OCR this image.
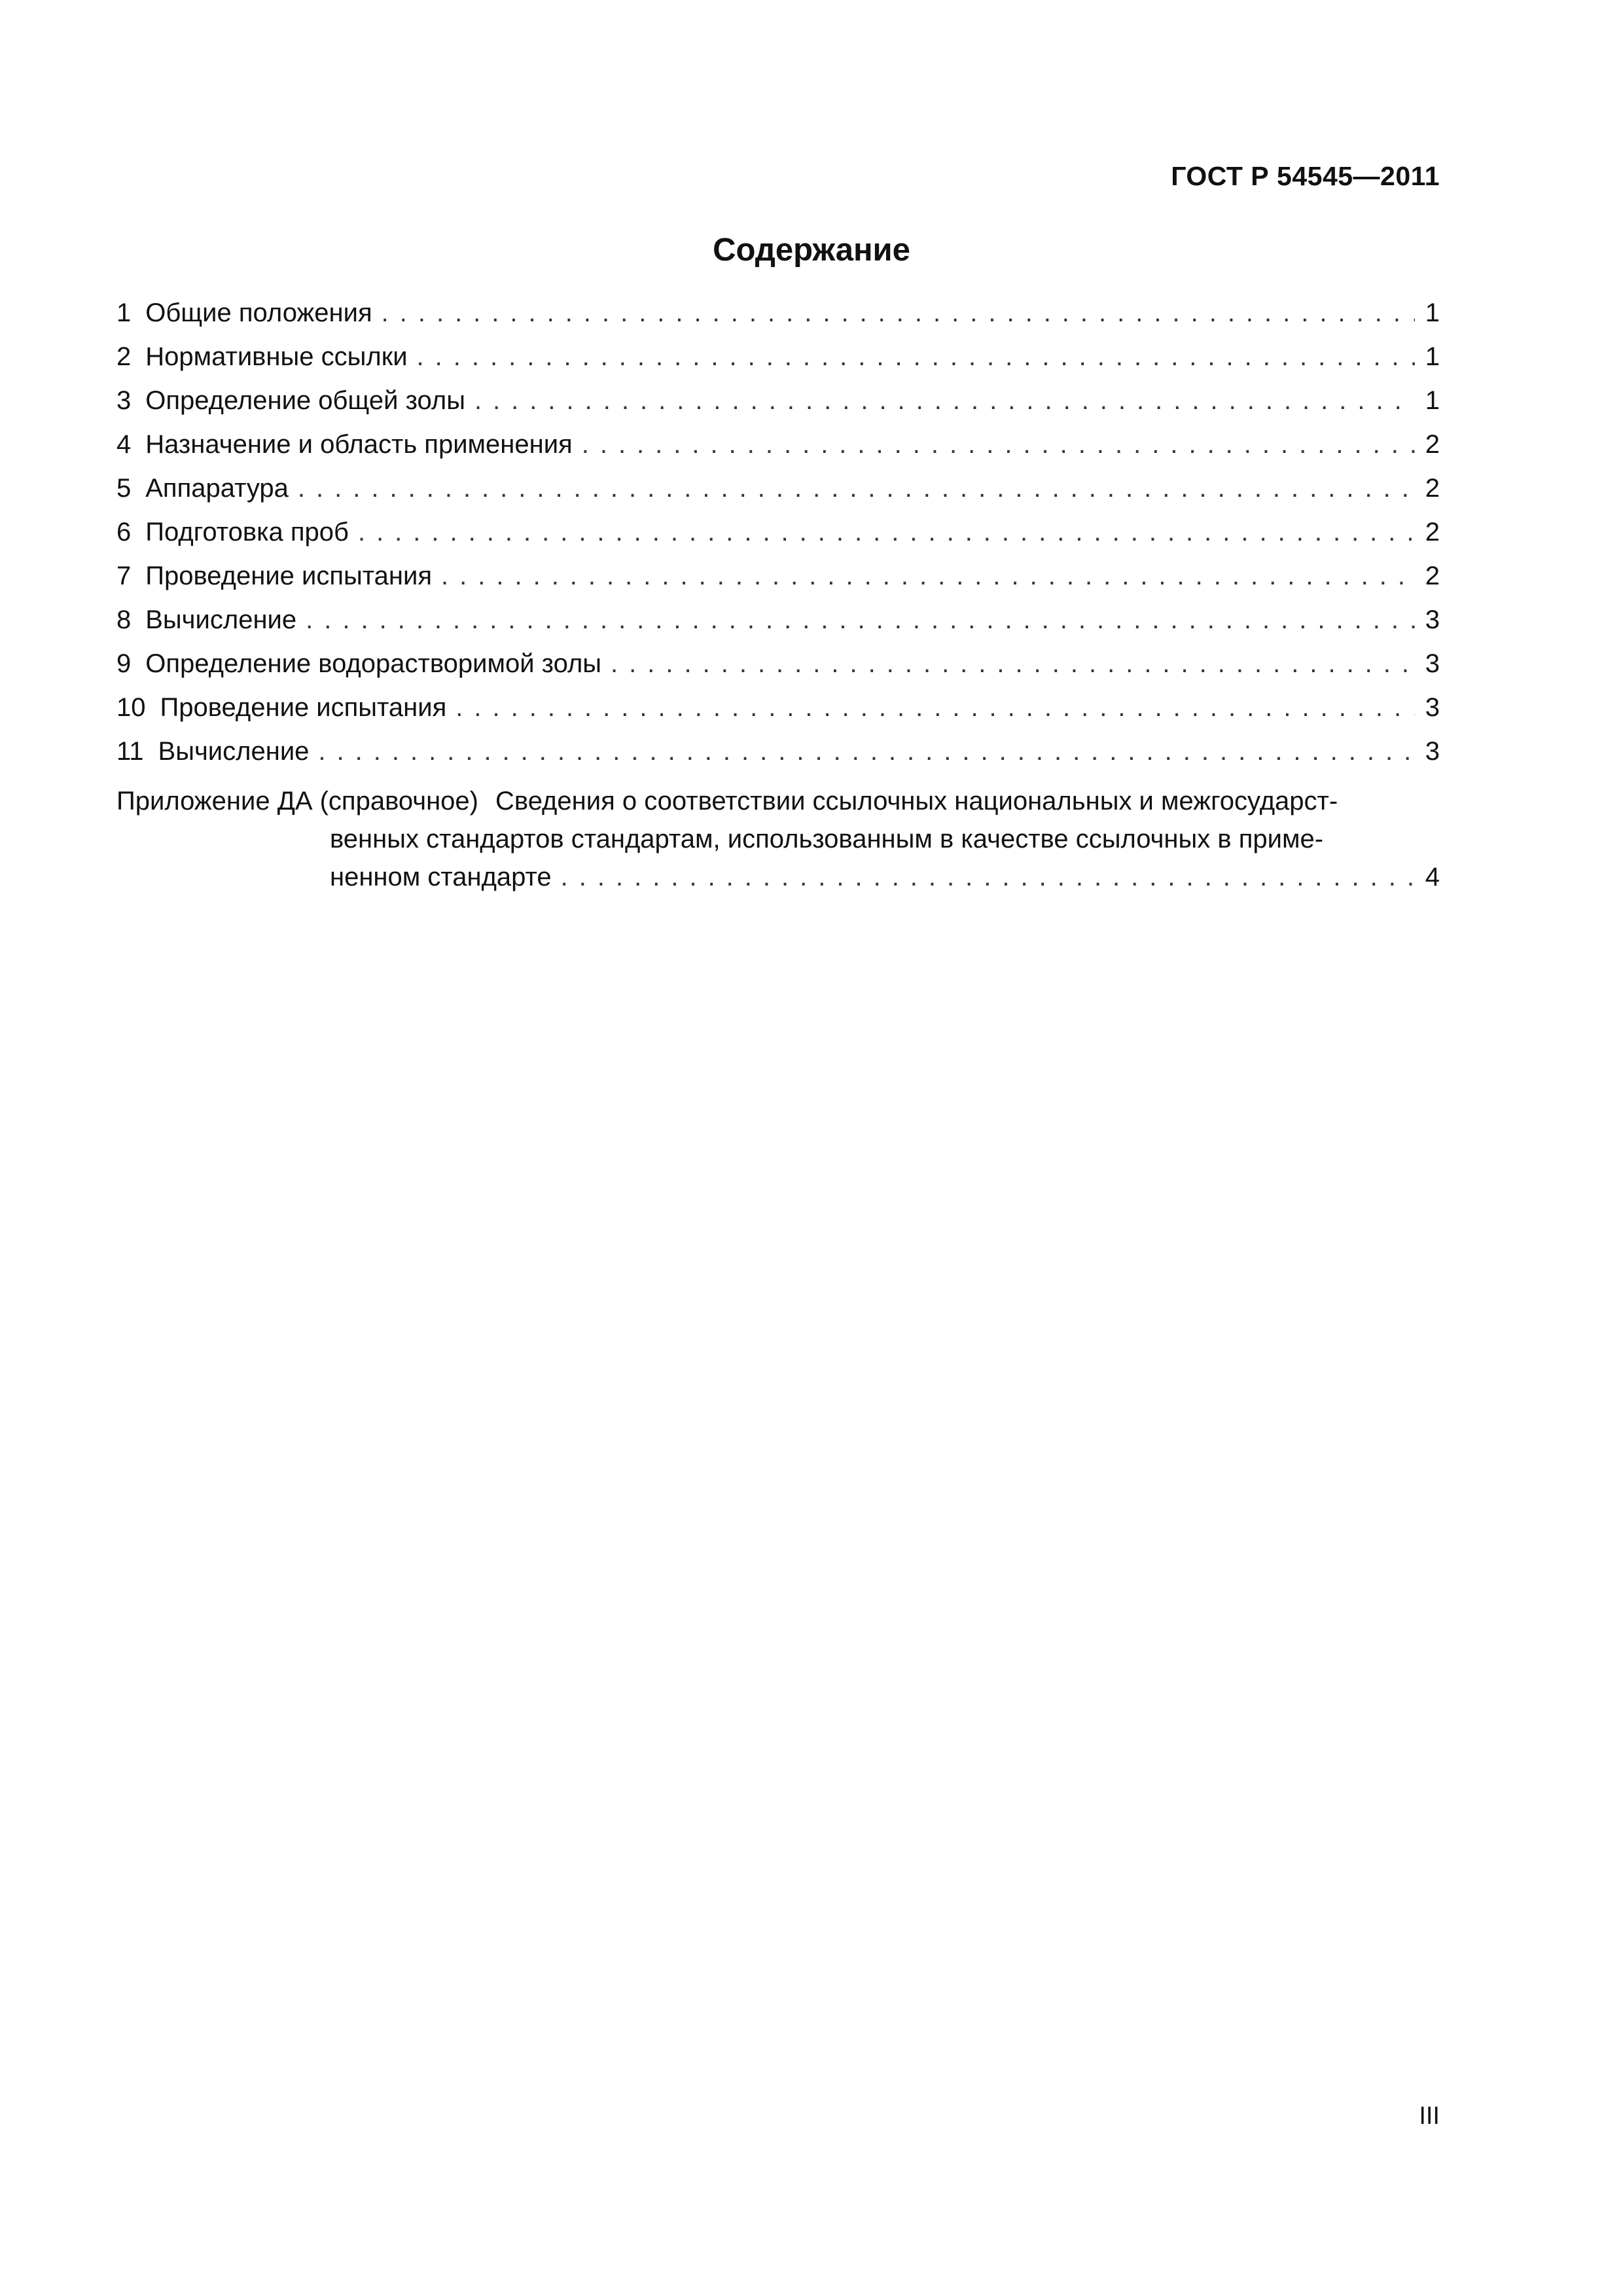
ГОСТ Р 54545—2011
Содержание
1 Общие положения .....	1
2 Нормативные ссылки .....	1
3 Определение общей золы .....	1
4 Назначение и область применения .....	2
5 Аппаратура .....	2
6 Подготовка проб .....	2
7 Проведение испытания .....	2
8 Вычисление .....	3
9 Определение водорастворимой золы .....	3
10 Проведение испытания .....	3
11 Вычисление .....	3
Приложение ДА (справочное) Сведения о соответствии ссылочных национальных и межгосударст-
венных стандартов стандартам, использованным в качестве ссылочных в приме-
ненном стандарте .....	4
III
